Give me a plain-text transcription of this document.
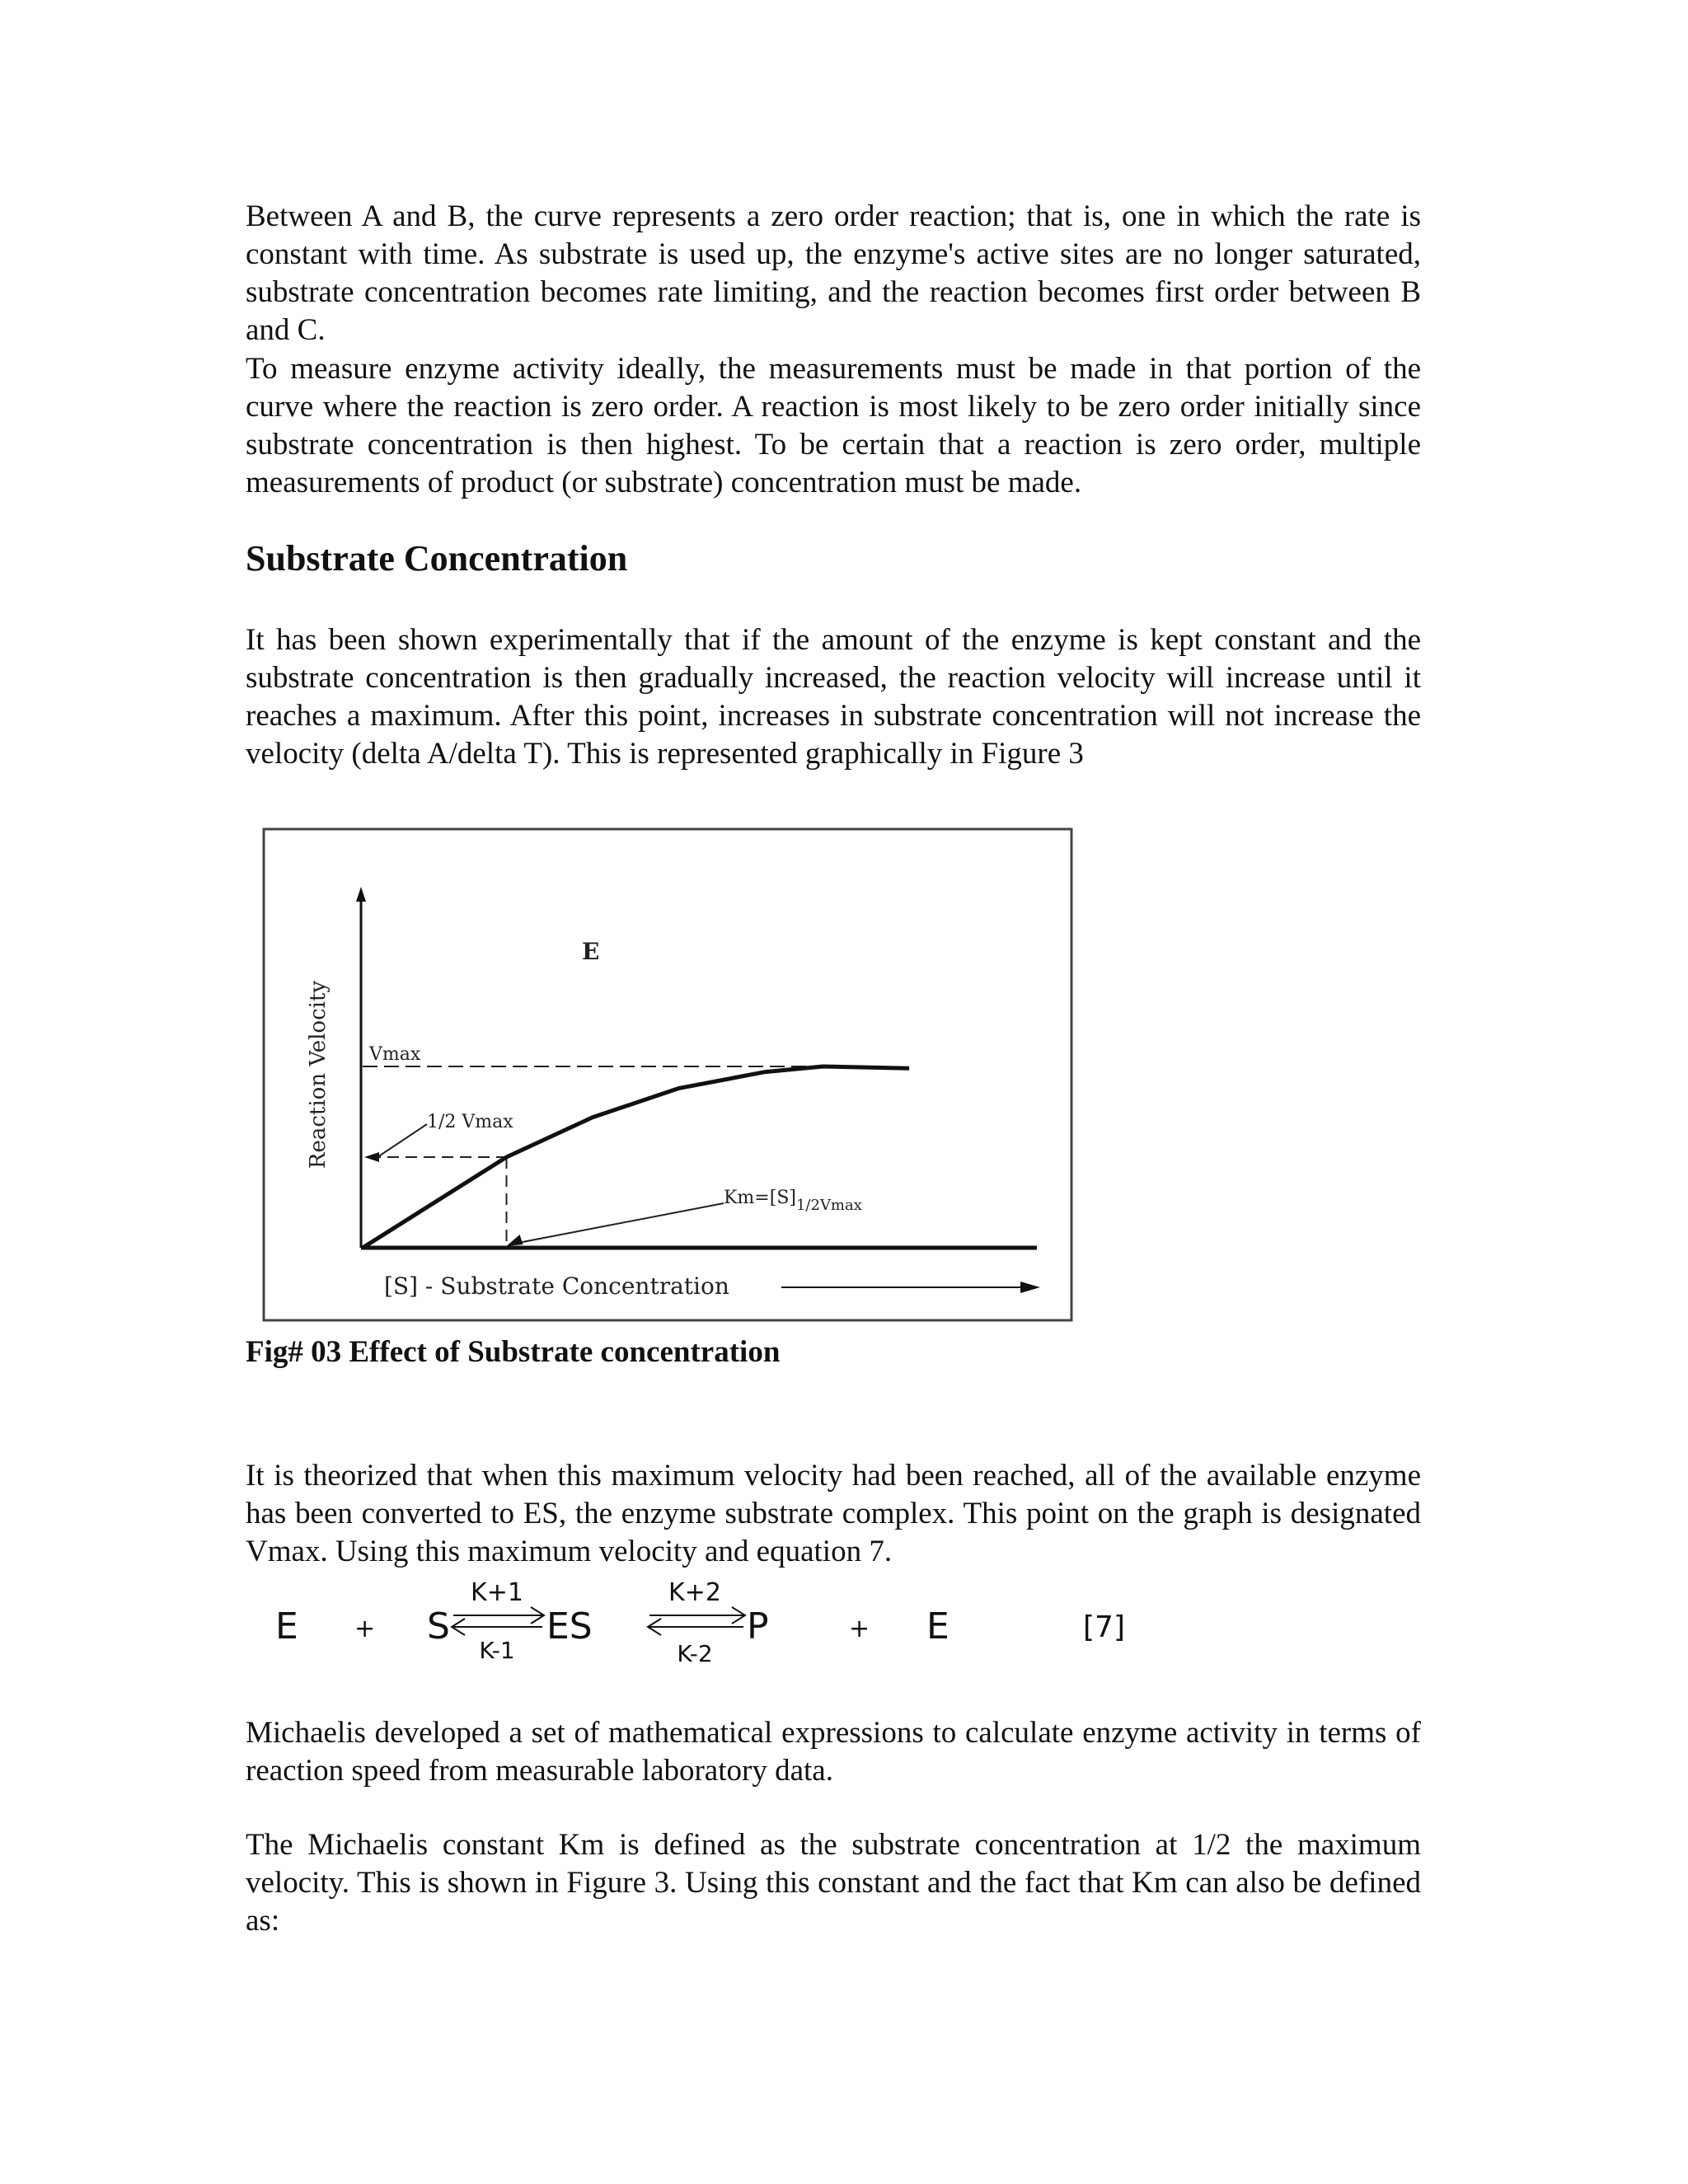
Between A and B, the curve represents a zero order reaction; that is, one in which the rate is constant with time. As substrate is used up, the enzyme's active sites are no longer saturated, substrate concentration becomes rate limiting, and the reaction becomes first order between B and C.

To measure enzyme activity ideally, the measurements must be made in that portion of the curve where the reaction is zero order. A reaction is most likely to be zero order initially since substrate concentration is then highest. To be certain that a reaction is zero order, multiple measurements of product (or substrate) concentration must be made.

Substrate Concentration

It has been shown experimentally that if the amount of the enzyme is kept constant and the substrate concentration is then gradually increased, the reaction velocity will increase until it reaches a maximum. After this point, increases in substrate concentration will not increase the velocity (delta A/delta T). This is represented graphically in Figure 3

Reaction Velocity
E
Vmax
1/2 Vmax
$Km=[S]_{1/2Vmax}$
[S] - Substrate Concentration

Fig# 03 Effect of Substrate concentration

It is theorized that when this maximum velocity had been reached, all of the available enzyme has been converted to ES, the enzyme substrate complex. This point on the graph is designated Vmax. Using this maximum velocity and equation 7.

E + S
K+1
K-1
ES
K+2
K-2
P	+ E	[7]

Michaelis developed a set of mathematical expressions to calculate enzyme activity in terms of reaction speed from measurable laboratory data.

The Michaelis constant Km is defined as the substrate concentration at 1/2 the maximum velocity. This is shown in Figure 3. Using this constant and the fact that Km can also be defined as:
